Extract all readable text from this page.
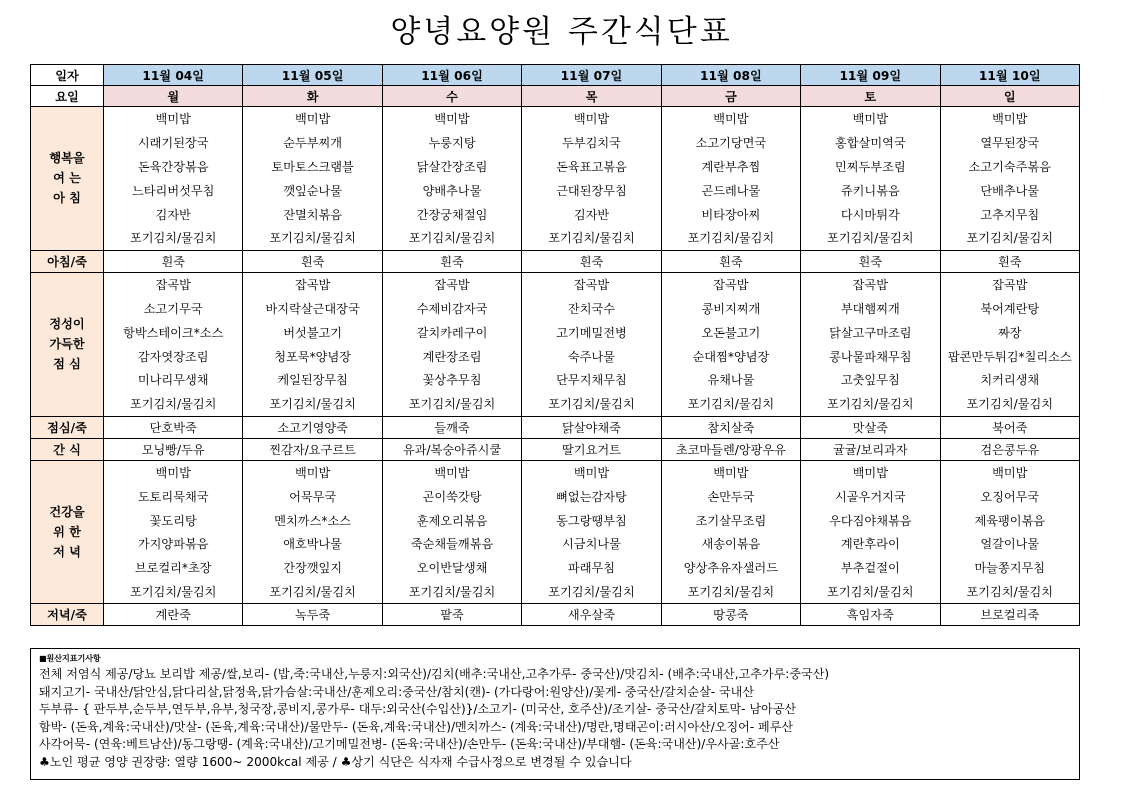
양녕요양원 주간식단표
일자	11월 04일	11월 05일	11월 06일	11월 07일	11월 08일	11월 09일	11월 10일
요일	월	화	수	목	금	토	일

행복을
여 는
아 침	백미밥	백미밥	백미밥	백미밥	백미밥	백미밥	백미밥
	시래기된장국	순두부찌개	누룽지탕	두부김치국	소고기당면국	홍합살미역국	열무된장국
	돈육간장볶음	토마토스크램블	닭살간장조림	돈육표고볶음	계란부추찜	민찌두부조림	소고기숙주볶음
	느타리버섯무침	깻잎순나물	양배추나물	근대된장무침	곤드레나물	쥬키니볶음	단배추나물
	김자반	잔멸치볶음	간장궁채절임	김자반	비타장아찌	다시마튀각	고추지무침
	포기김치/물김치	포기김치/물김치	포기김치/물김치	포기김치/물김치	포기김치/물김치	포기김치/물김치	포기김치/물김치
아침/죽	흰죽	흰죽	흰죽	흰죽	흰죽	흰죽	흰죽

정성이
가득한
점 심	잡곡밥	잡곡밥	잡곡밥	잡곡밥	잡곡밥	잡곡밥	잡곡밥
	소고기무국	바지락살근대장국	수제비감자국	잔치국수	콩비지찌개	부대햄찌개	북어계란탕
	항박스테이크*소스	버섯불고기	갈치카레구이	고기메밀전병	오돈불고기	닭살고구마조림	짜장
	감자엿장조림	청포묵*양념장	계란장조림	숙주나물	순대찜*양념장	콩나물파채무침	팝콘만두튀김*칠리소스
	미나리무생채	케일된장무침	꽃상추무침	단무지채무침	유채나물	고춧잎무침	치커리생채
	포기김치/물김치	포기김치/물김치	포기김치/물김치	포기김치/물김치	포기김치/물김치	포기김치/물김치	포기김치/물김치
점심/죽	단호박죽	소고기영양죽	들깨죽	닭살야채죽	참치살죽	맛살죽	북어죽
간 식	모닝빵/두유	찐감자/요구르트	유과/복숭아쥬시쿨	딸기요거트	초코마들렌/앙팡우유	귤귤/보리과자	검은콩두유

건강을
위 한
저 녁	백미밥	백미밥	백미밥	백미밥	백미밥	백미밥	백미밥
	도토리묵채국	어묵무국	곤이쑥갓탕	뼈없는감자탕	손만두국	시골우거지국	오징어무국
	꽃도리탕	멘치까스*소스	훈제오리볶음	동그랑땡부침	조기살무조림	우다짐야채볶음	제육팽이볶음
	가지양파볶음	애호박나물	죽순채들깨볶음	시금치나물	새송이볶음	계란후라이	얼갈이나물
	브로컬리*초장	간장깻잎지	오이반달생채	파래무침	양상추유자샐러드	부추겉절이	마늘쫑지무침
	포기김치/물김치	포기김치/물김치	포기김치/물김치	포기김치/물김치	포기김치/물김치	포기김치/물김치	포기김치/물김치
저녁/죽	계란죽	녹두죽	팥죽	새우살죽	땅콩죽	흑임자죽	브로컬리죽
■원산지표기사항
전체 저염식 제공/당뇨 보리밥 제공/쌀,보리- (밥,죽:국내산,누룽지:외국산)/김치(배추:국내산,고추가루- 중국산)/맛김치- (배추:국내산,고추가루:중국산)
돼지고기- 국내산/닭안심,닭다리살,닭정육,닭가슴살:국내산/훈제오리:중국산/참치(캔)- (가다랑어:원양산)/꽃게- 중국산/갈치순살- 국내산
두부류- { 판두부,순두부,연두부,유부,청국장,콩비지,콩가루- 대두:외국산(수입산)}/소고기- (미국산, 호주산)/조기살- 중국산/갈치토막- 남아공산
함박- (돈육,계육:국내산)/맛살- (돈육,계육:국내산)/물만두- (돈육,계육:국내산)/멘치까스- (계육:국내산)/명란,명태곤이:러시아산/오징어- 페루산
사각어묵- (연육:베트남산)/동그랑땡- (계육:국내산)/고기메밀전병- (돈육:국내산)/손만두- (돈육:국내산)/부대햄- (돈육:국내산)/우사골:호주산
♣노인 평균 영양 권장량: 열량 1600~ 2000kcal 제공 / ♣상기 식단은 식자재 수급사정으로 변경될 수 있습니다
